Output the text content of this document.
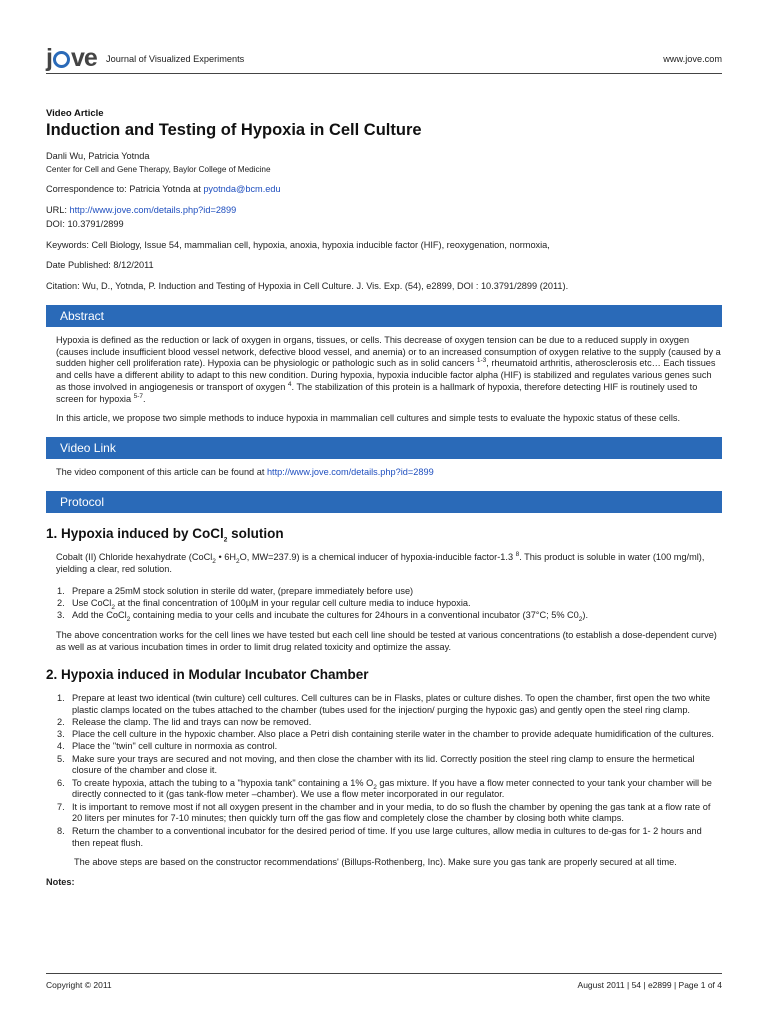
j ve Journal of Visualized Experiments	www.jove.com
Video Article
Induction and Testing of Hypoxia in Cell Culture
Danli Wu, Patricia Yotnda
Center for Cell and Gene Therapy, Baylor College of Medicine
Correspondence to: Patricia Yotnda at pyotnda@bcm.edu
URL: http://www.jove.com/details.php?id=2899
DOI: 10.3791/2899
Keywords: Cell Biology, Issue 54, mammalian cell, hypoxia, anoxia, hypoxia inducible factor (HIF), reoxygenation, normoxia,
Date Published: 8/12/2011
Citation: Wu, D., Yotnda, P. Induction and Testing of Hypoxia in Cell Culture. J. Vis. Exp. (54), e2899, DOI : 10.3791/2899 (2011).
Abstract
Hypoxia is defined as the reduction or lack of oxygen in organs, tissues, or cells. This decrease of oxygen tension can be due to a reduced supply in oxygen (causes include insufficient blood vessel network, defective blood vessel, and anemia) or to an increased consumption of oxygen relative to the supply (caused by a sudden higher cell proliferation rate). Hypoxia can be physiologic or pathologic such as in solid cancers $^{1-3}$, rheumatoid arthritis, atherosclerosis etc… Each tissues and cells have a different ability to adapt to this new condition. During hypoxia, hypoxia inducible factor alpha (HIF) is stabilized and regulates various genes such as those involved in angiogenesis or transport of oxygen $^4$. The stabilization of this protein is a hallmark of hypoxia, therefore detecting HIF is routinely used to screen for hypoxia $^{5-7}$.
In this article, we propose two simple methods to induce hypoxia in mammalian cell cultures and simple tests to evaluate the hypoxic status of these cells.
Video Link
The video component of this article can be found at http://www.jove.com/details.php?id=2899
Protocol
1. Hypoxia induced by CoCl$_2$ solution
Cobalt (II) Chloride hexahydrate (CoCl$_2$ • $6H_2O$, MW=237.9) is a chemical inducer of hypoxia-inducible factor-1.3 $^8$. This product is soluble in water (100 mg/ml), yielding a clear, red solution.
1. Prepare a 25mM stock solution in sterile dd water, (prepare immediately before use)
2. Use CoCl$_2$ at the final concentration of 100µM in your regular cell culture media to induce hypoxia.
3. Add the CoCl$_2$ containing media to your cells and incubate the cultures for 24hours in a conventional incubator (37°C; 5% $C0_2$).
The above concentration works for the cell lines we have tested but each cell line should be tested at various concentrations (to establish a dose-dependent curve) as well as at various incubation times in order to limit drug related toxicity and optimize the assay.
2. Hypoxia induced in Modular Incubator Chamber
1. Prepare at least two identical (twin culture) cell cultures. Cell cultures can be in Flasks, plates or culture dishes. To open the chamber, first open the two white plastic clamps located on the tubes attached to the chamber (tubes used for the injection/ purging the hypoxic gas) and gently open the steel ring clamp.
2. Release the clamp. The lid and trays can now be removed.
3. Place the cell culture in the hypoxic chamber. Also place a Petri dish containing sterile water in the chamber to provide adequate humidification of the cultures.
4. Place the "twin" cell culture in normoxia as control.
5. Make sure your trays are secured and not moving, and then close the chamber with its lid. Correctly position the steel ring clamp to ensure the hermetical closure of the chamber and close it.
6. To create hypoxia, attach the tubing to a "hypoxia tank" containing a 1% $O_2$ gas mixture. If you have a flow meter connected to your tank your chamber will be directly connected to it (gas tank-flow meter –chamber). We use a flow meter incorporated in our regulator.
7. It is important to remove most if not all oxygen present in the chamber and in your media, to do so flush the chamber by opening the gas tank at a flow rate of 20 liters per minutes for 7-10 minutes; then quickly turn off the gas flow and completely close the chamber by closing both white clamps.
8. Return the chamber to a conventional incubator for the desired period of time. If you use large cultures, allow media in cultures to de-gas for 1- 2 hours and then repeat flush.
The above steps are based on the constructor recommendations' (Billups-Rothenberg, Inc). Make sure you gas tank are properly secured at all time.
Notes:
Copyright © 2011	August 2011 | 54 | e2899 | Page 1 of 4
